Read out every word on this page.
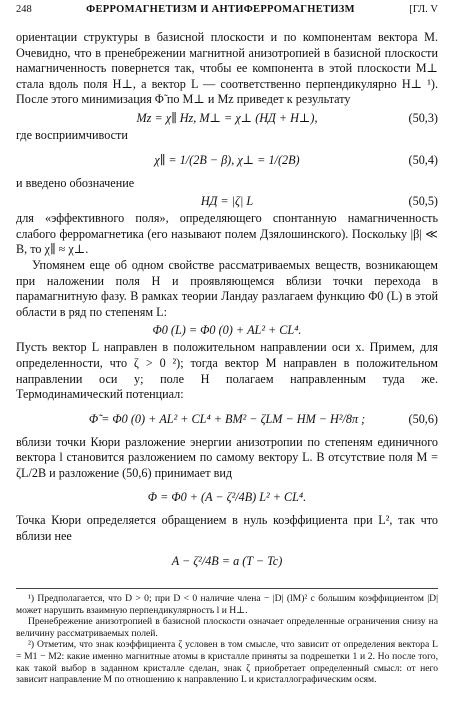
248	ФЕРРОМАГНЕТИЗМ И АНТИФЕРРОМАГНЕТИЗМ	[ГЛ. V

ориентации структуры в базисной плоскости и по компонентам вектора M. Очевидно, что в пренебрежении магнитной анизотропией в базисной плоскости намагниченность повернется так, чтобы ее компонента в этой плоскости M⊥ стала вдоль поля H⊥, а вектор L — соответственно перпендикулярно H⊥ ¹). После этого минимизация Φ̃ по M⊥ и Mz приведет к результату

Mz = χ∥ Hz, M⊥ = χ⊥ (HД + H⊥),	(50,3)

где восприимчивости

χ∥ = 1/(2B − β), χ⊥ = 1/(2B)	(50,4)

и введено обозначение

HД = |ζ| L	(50,5)

для «эффективного поля», определяющего спонтанную намагниченность слабого ферромагнетика (его называют полем Дзялошинского). Поскольку |β| ≪ B, то χ∥ ≈ χ⊥.

Упомянем еще об одном свойстве рассматриваемых веществ, возникающем при наложении поля H и проявляющемся вблизи точки перехода в парамагнитную фазу. В рамках теории Ландау разлагаем функцию Φ0 (L) в этой области в ряд по степеням L:

Φ0 (L) = Φ0 (0) + AL² + CL⁴.

Пусть вектор L направлен в положительном направлении оси x. Примем, для определенности, что ζ > 0 ²); тогда вектор M направлен в положительном направлении оси y; поле H полагаем направленным туда же. Термодинамический потенциал:

Φ̃ = Φ0 (0) + AL² + CL⁴ + BM² − ζLM − HM − H²/8π ;	(50,6)

вблизи точки Кюри разложение энергии анизотропии по степеням единичного вектора l становится разложением по самому вектору L. В отсутствие поля M = ζL/2B и разложение (50,6) принимает вид

Φ = Φ0 + (A − ζ²/4B) L² + CL⁴.

Точка Кюри определяется обращением в нуль коэффициента при L², так что вблизи нее

A − ζ²/4B = a (T − Tc)

¹) Предполагается, что D > 0; при D < 0 наличие члена − |D| (lM)² с большим коэффициентом |D| может нарушить взаимную перпендикулярность l и H⊥.

Пренебрежение анизотропией в базисной плоскости означает определенные ограничения снизу на величину рассматриваемых полей.

²) Отметим, что знак коэффициента ζ условен в том смысле, что зависит от определения вектора L = M1 − M2: какие именно магнитные атомы в кристалле приняты за подрешетки 1 и 2. Но после того, как такой выбор в заданном кристалле сделан, знак ζ приобретает определенный смысл: от него зависит направление M по отношению к направлению L и кристаллографическим осям.
